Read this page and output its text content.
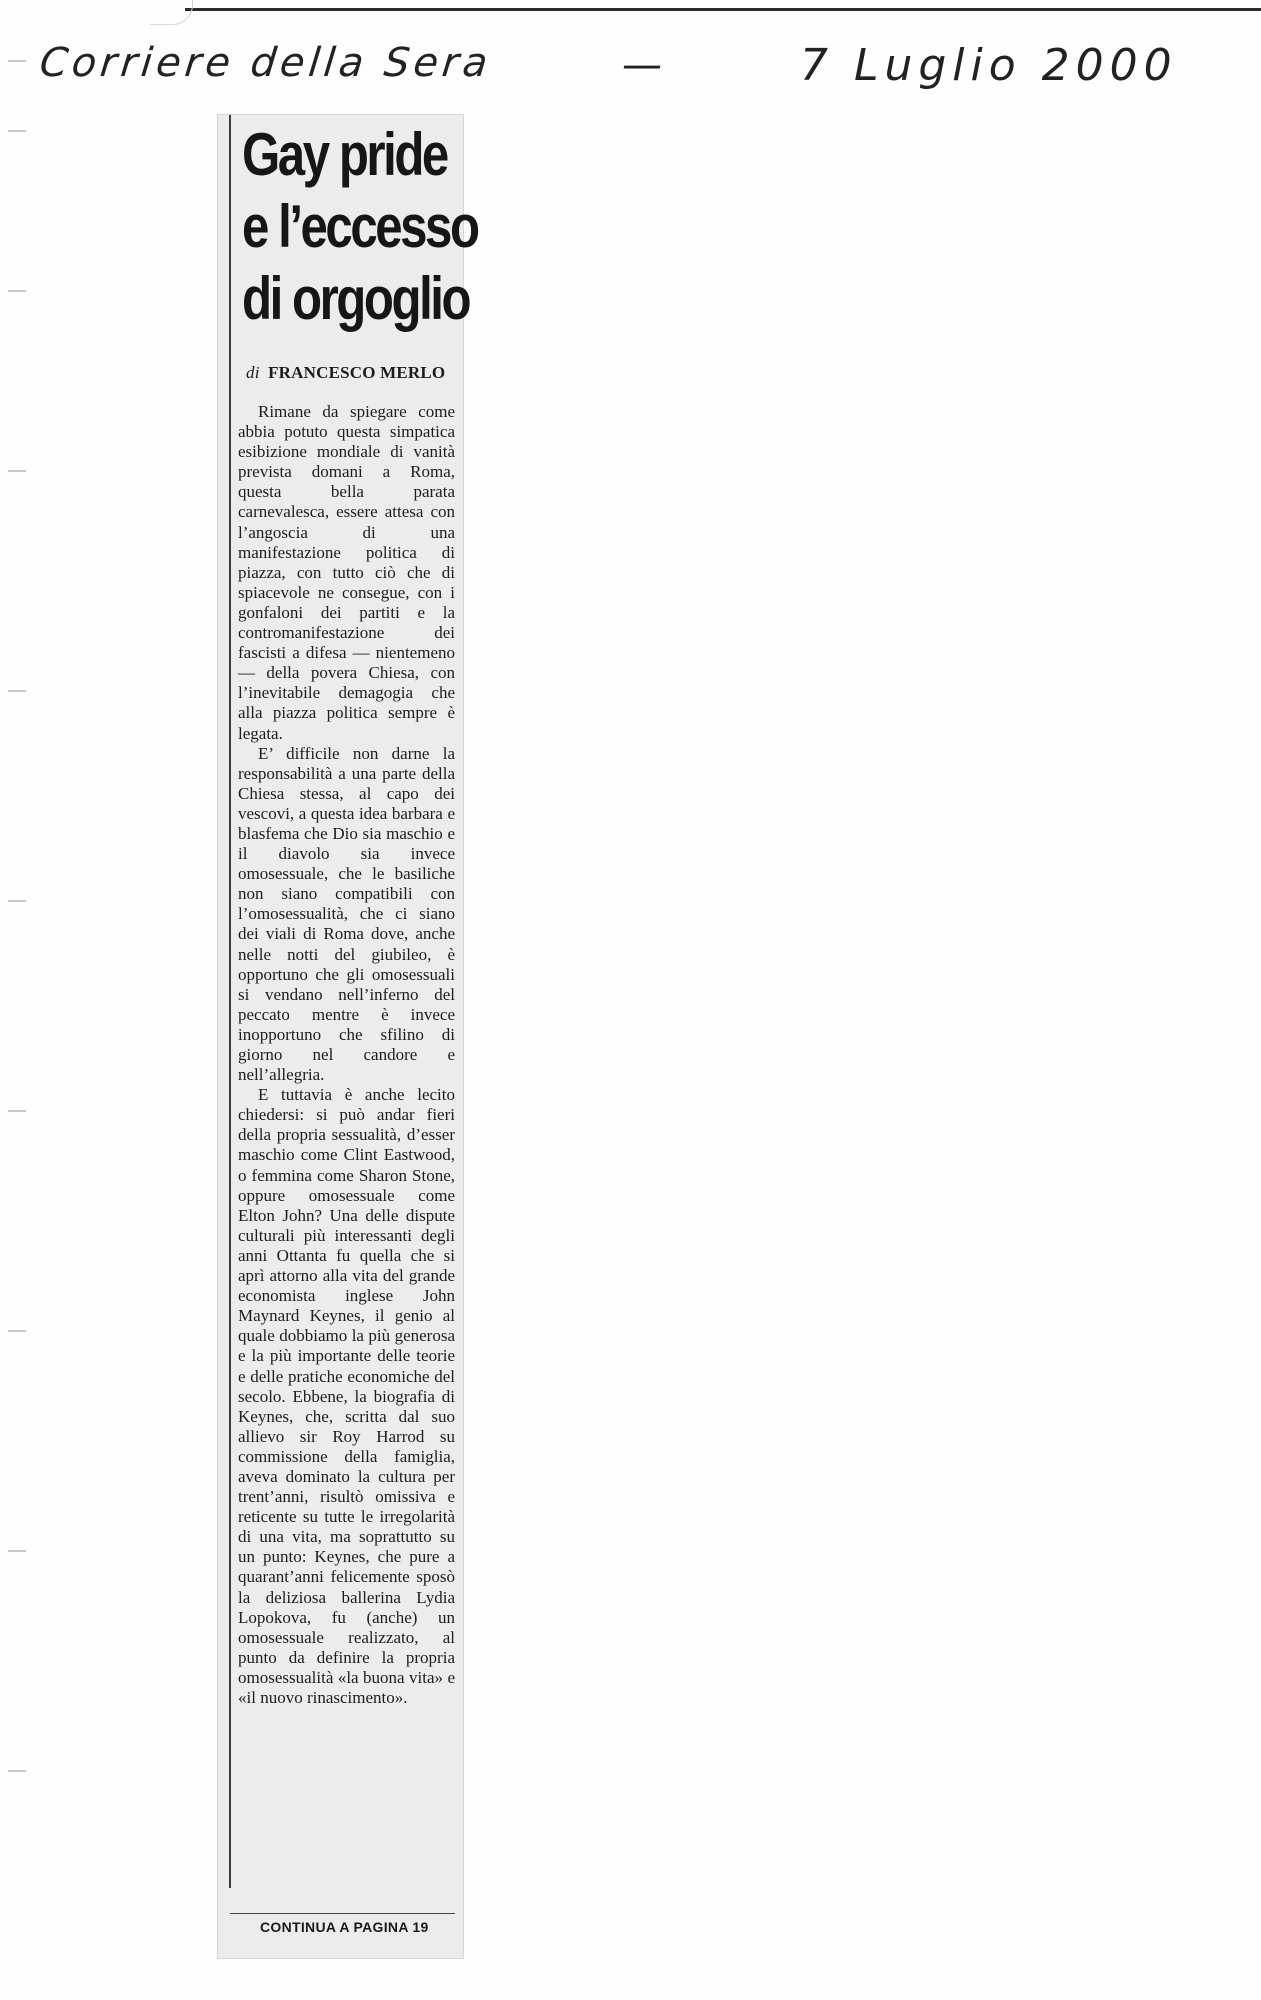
Corriere della Sera	—	7 Luglio 2000
Gay pride
e l’eccesso
di orgoglio
di FRANCESCO MERLO

Rimane da spiegare come abbia potuto questa simpatica esibizione mondiale di vanità prevista domani a Roma, questa bella parata carnevalesca, essere attesa con l’angoscia di una manifestazione politica di piazza, con tutto ciò che di spiacevole ne consegue, con i gonfaloni dei partiti e la contromanifestazione dei fascisti a difesa — nientemeno — della povera Chiesa, con l’inevitabile demagogia che alla piazza politica sempre è legata.

E’ difficile non darne la responsabilità a una parte della Chiesa stessa, al capo dei vescovi, a questa idea barbara e blasfema che Dio sia maschio e il diavolo sia invece omosessuale, che le basiliche non siano compatibili con l’omosessualità, che ci siano dei viali di Roma dove, anche nelle notti del giubileo, è opportuno che gli omosessuali si vendano nell’inferno del peccato mentre è invece inopportuno che sfilino di giorno nel candore e nell’allegria.

E tuttavia è anche lecito chiedersi: si può andar fieri della propria sessualità, d’esser maschio come Clint Eastwood, o femmina come Sharon Stone, oppure omosessuale come Elton John? Una delle dispute culturali più interessanti degli anni Ottanta fu quella che si aprì attorno alla vita del grande economista inglese John Maynard Keynes, il genio al quale dobbiamo la più generosa e la più importante delle teorie e delle pratiche economiche del secolo. Ebbene, la biografia di Keynes, che, scritta dal suo allievo sir Roy Harrod su commissione della famiglia, aveva dominato la cultura per trent’anni, risultò omissiva e reticente su tutte le irregolarità di una vita, ma soprattutto su un punto: Keynes, che pure a quarant’anni felicemente sposò la deliziosa ballerina Lydia Lopokova, fu (anche) un omosessuale realizzato, al punto da definire la propria omosessualità «la buona vita» e «il nuovo rinascimento».

CONTINUA A PAGINA 19
